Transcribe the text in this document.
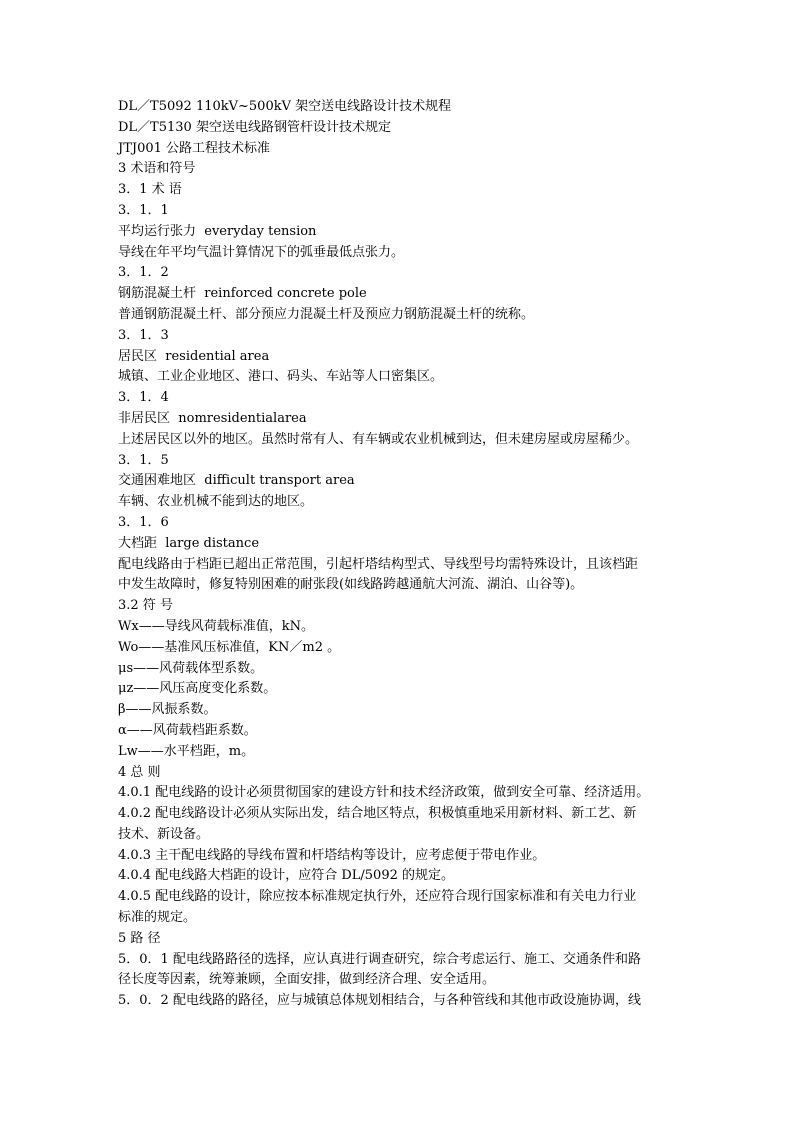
DL／T5092 110kV~500kV 架空送电线路设计技术规程

DL／T5130 架空送电线路钢管杆设计技术规定

JTJ001 公路工程技术标准

3 术语和符号

3．1 术 语

3．1．1

平均运行张力  everyday tension

导线在年平均气温计算情况下的弧垂最低点张力。

3．1．2

钢筋混凝土杆  reinforced concrete pole

普通钢筋混凝土杆、部分预应力混凝土杆及预应力钢筋混凝土杆的统称。

3．1．3

居民区  residential area

城镇、工业企业地区、港口、码头、车站等人口密集区。

3．1．4

非居民区  nomresidentialarea

上述居民区以外的地区。虽然时常有人、有车辆或农业机械到达，但未建房屋或房屋稀少。

3．1．5

交通困难地区  difficult transport area

车辆、农业机械不能到达的地区。

3．1．6

大档距  large distance

配电线路由于档距已超出正常范围，引起杆塔结构型式、导线型号均需特殊设计，且该档距

中发生故障时，修复特别困难的耐张段(如线路跨越通航大河流、湖泊、山谷等)。

3.2 符 号

Wx——导线风荷载标准值，kN。

Wo——基准风压标准值，KN／m2 。

μs——风荷载体型系数。

μz——风压高度变化系数。

β——风振系数。

α——风荷载档距系数。

Lw——水平档距，m。

4 总 则

4.0.1 配电线路的设计必须贯彻国家的建设方针和技术经济政策，做到安全可靠、经济适用。

4.0.2 配电线路设计必须从实际出发，结合地区特点，积极慎重地采用新材料、新工艺、新

技术、新设备。

4.0.3 主干配电线路的导线布置和杆塔结构等设计，应考虑便于带电作业。

4.0.4 配电线路大档距的设计，应符合 DL/5092 的规定。

4.0.5 配电线路的设计，除应按本标准规定执行外，还应符合现行国家标准和有关电力行业

标准的规定。

5 路 径

5．0．1 配电线路路径的选择，应认真进行调查研究，综合考虑运行、施工、交通条件和路

径长度等因素，统筹兼顾，全面安排，做到经济合理、安全适用。

5．0．2 配电线路的路径，应与城镇总体规划相结合，与各种管线和其他市政设施协调，线
